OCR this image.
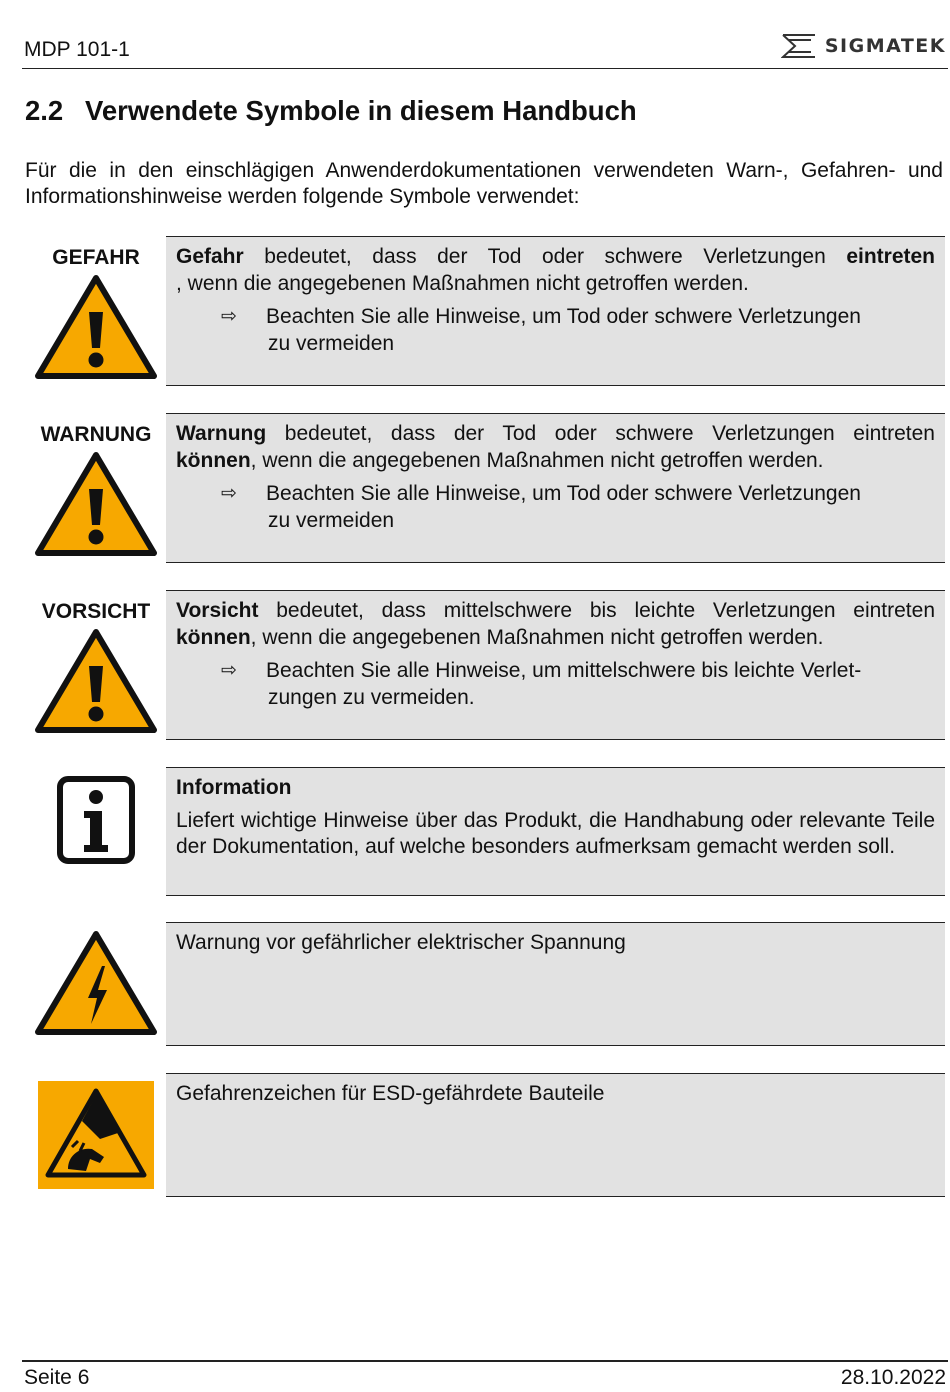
MDP 101-1	SIGMATEK
2.2 Verwendete Symbole in diesem Handbuch

Für die in den einschlägigen Anwenderdokumentationen verwendeten Warn-, Gefahren- und Informationshinweise werden folgende Symbole verwendet:

GEFAHR	Gefahr bedeutet, dass der Tod oder schwere Verletzungen eintreten

, wenn die angegebenen Maßnahmen nicht getroffen werden.

⇨ Beachten Sie alle Hinweise, um Tod oder schwere Verletzungen
zu vermeiden

WARNUNG	Warnung bedeutet, dass der Tod oder schwere Verletzungen eintreten

können, wenn die angegebenen Maßnahmen nicht getroffen werden.

⇨ Beachten Sie alle Hinweise, um Tod oder schwere Verletzungen
zu vermeiden

VORSICHT	Vorsicht bedeutet, dass mittelschwere bis leichte Verletzungen eintreten

können, wenn die angegebenen Maßnahmen nicht getroffen werden.

⇨ Beachten Sie alle Hinweise, um mittelschwere bis leichte Verlet-
zungen zu vermeiden.

Information

Liefert wichtige Hinweise über das Produkt, die Handhabung oder relevante Teile der Dokumentation, auf welche besonders aufmerksam gemacht werden soll.

Warnung vor gefährlicher elektrischer Spannung

Gefahrenzeichen für ESD-gefährdete Bauteile

Seite 6	28.10.2022
